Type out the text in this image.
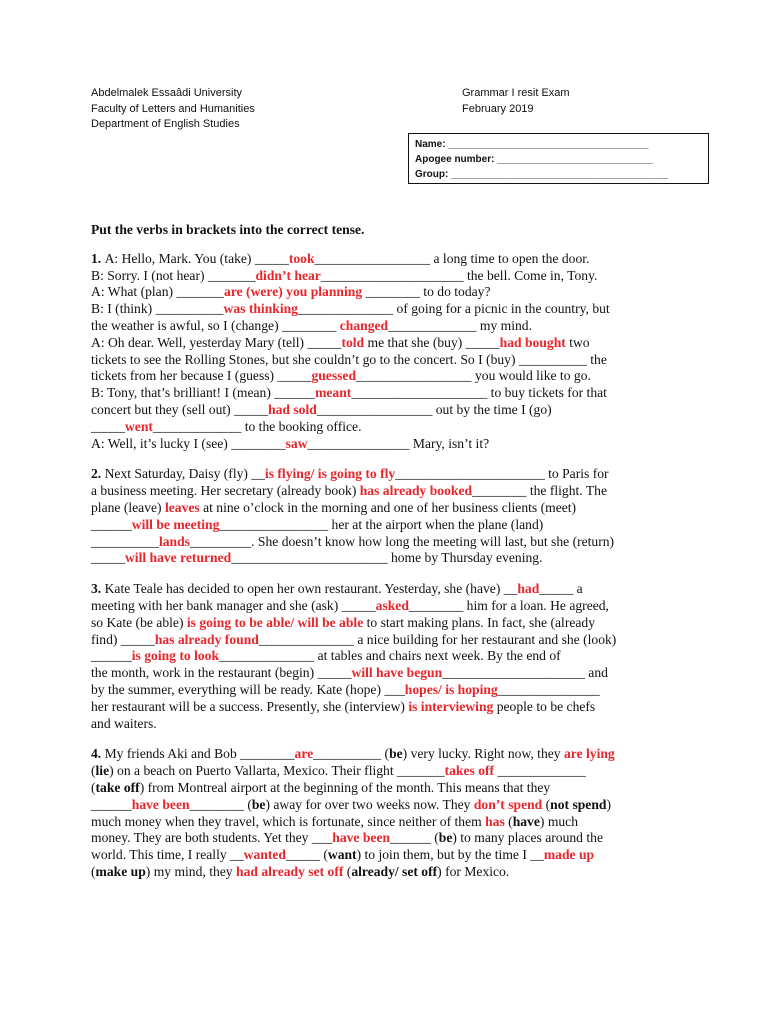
Abdelmalek Essaâdi University
Faculty of Letters and Humanities
Department of English Studies
Grammar I resit Exam
February 2019
Name: ____________________________________
Apogee number: ____________________________
Group: _______________________________________
Put the verbs in brackets into the correct tense.
1. A: Hello, Mark. You (take) _____took_________________ a long time to open the door.
B: Sorry. I (not hear) _______didn’t hear_____________________ the bell. Come in, Tony.
A: What (plan) _______are (were) you planning ________ to do today?
B: I (think) __________was thinking______________ of going for a picnic in the country, but
the weather is awful, so I (change) ________ changed_____________ my mind.
A: Oh dear. Well, yesterday Mary (tell) _____told me that she (buy) _____had bought two
tickets to see the Rolling Stones, but she couldn’t go to the concert. So I (buy) __________ the
tickets from her because I (guess) _____guessed_________________ you would like to go.
B: Tony, that’s brilliant! I (mean) ______meant____________________ to buy tickets for that
concert but they (sell out) _____had sold_________________ out by the time I (go)
_____went_____________ to the booking office.
A: Well, it’s lucky I (see) ________saw_______________ Mary, isn’t it?
2. Next Saturday, Daisy (fly) __is flying/ is going to fly______________________ to Paris for
a business meeting. Her secretary (already book) has already booked________ the flight. The
plane (leave) leaves at nine o’clock in the morning and one of her business clients (meet)
______will be meeting________________ her at the airport when the plane (land)
__________lands_________. She doesn’t know how long the meeting will last, but she (return)
_____will have returned_______________________ home by Thursday evening.
3. Kate Teale has decided to open her own restaurant. Yesterday, she (have) __had_____ a
meeting with her bank manager and she (ask) _____asked________ him for a loan. He agreed,
so Kate (be able) is going to be able/ will be able to start making plans. In fact, she (already
find) _____has already found______________ a nice building for her restaurant and she (look)
______is going to look______________ at tables and chairs next week. By the end of
the month, work in the restaurant (begin) _____will have begun_____________________ and
by the summer, everything will be ready. Kate (hope) ___hopes/ is hoping_______________
her restaurant will be a success. Presently, she (interview) is interviewing people to be chefs
and waiters.
4. My friends Aki and Bob ________are__________ (be) very lucky. Right now, they are lying
(lie) on a beach on Puerto Vallarta, Mexico. Their flight _______takes off _____________
(take off) from Montreal airport at the beginning of the month. This means that they
______have been________ (be) away for over two weeks now. They don’t spend (not spend)
much money when they travel, which is fortunate, since neither of them has (have) much
money. They are both students. Yet they ___have been______ (be) to many places around the
world. This time, I really __wanted_____ (want) to join them, but by the time I __made up
(make up) my mind, they had already set off (already/ set off) for Mexico.
